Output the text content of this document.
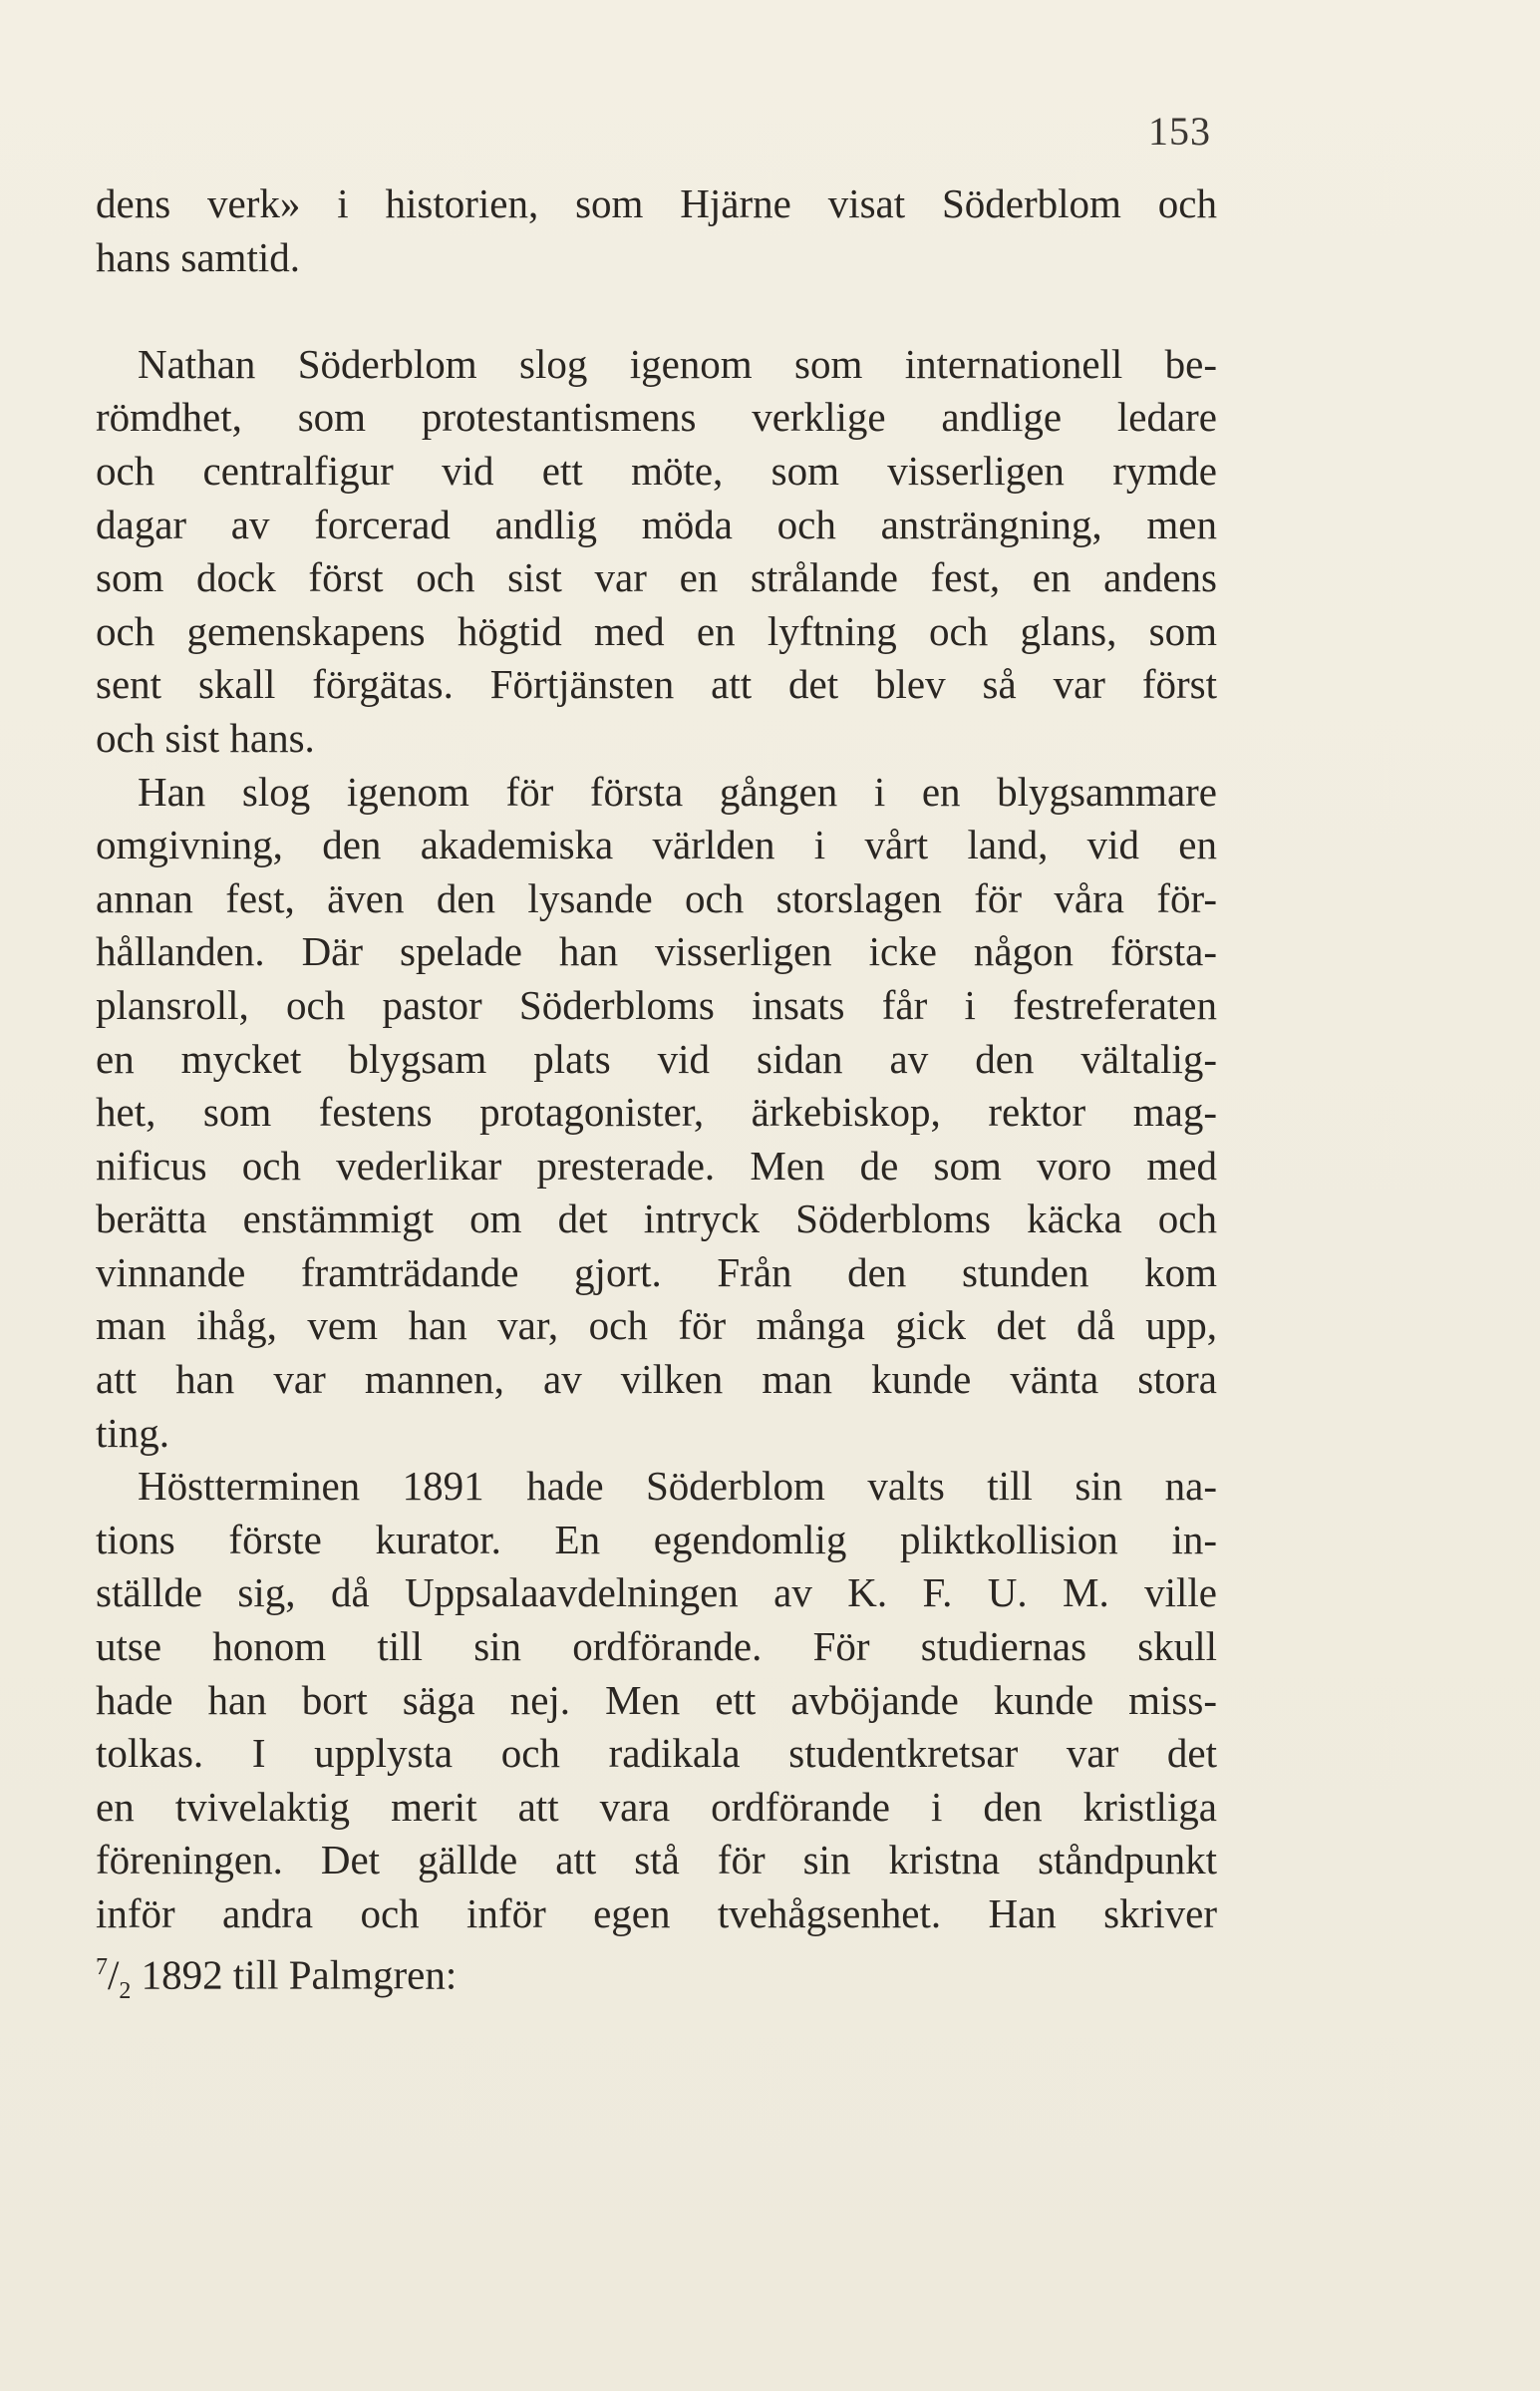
153
dens verk» i historien, som Hjärne visat Söderblom och
hans samtid.
Nathan Söderblom slog igenom som internationell be-
römdhet, som protestantismens verklige andlige ledare
och centralfigur vid ett möte, som visserligen rymde
dagar av forcerad andlig möda och ansträngning, men
som dock först och sist var en strålande fest, en andens
och gemenskapens högtid med en lyftning och glans, som
sent skall förgätas. Förtjänsten att det blev så var först
och sist hans.
Han slog igenom för första gången i en blygsammare
omgivning, den akademiska världen i vårt land, vid en
annan fest, även den lysande och storslagen för våra för-
hållanden. Där spelade han visserligen icke någon första-
plansroll, och pastor Söderbloms insats får i festreferaten
en mycket blygsam plats vid sidan av den vältalig-
het, som festens protagonister, ärkebiskop, rektor mag-
nificus och vederlikar presterade. Men de som voro med
berätta enstämmigt om det intryck Söderbloms käcka och
vinnande framträdande gjort. Från den stunden kom
man ihåg, vem han var, och för många gick det då upp,
att han var mannen, av vilken man kunde vänta stora
ting.
Höstterminen 1891 hade Söderblom valts till sin na-
tions förste kurator. En egendomlig pliktkollision in-
ställde sig, då Uppsalaavdelningen av K. F. U. M. ville
utse honom till sin ordförande. För studiernas skull
hade han bort säga nej. Men ett avböjande kunde miss-
tolkas. I upplysta och radikala studentkretsar var det
en tvivelaktig merit att vara ordförande i den kristliga
föreningen. Det gällde att stå för sin kristna ståndpunkt
inför andra och inför egen tvehågsenhet. Han skriver
$^7/_2$ 1892 till Palmgren:
